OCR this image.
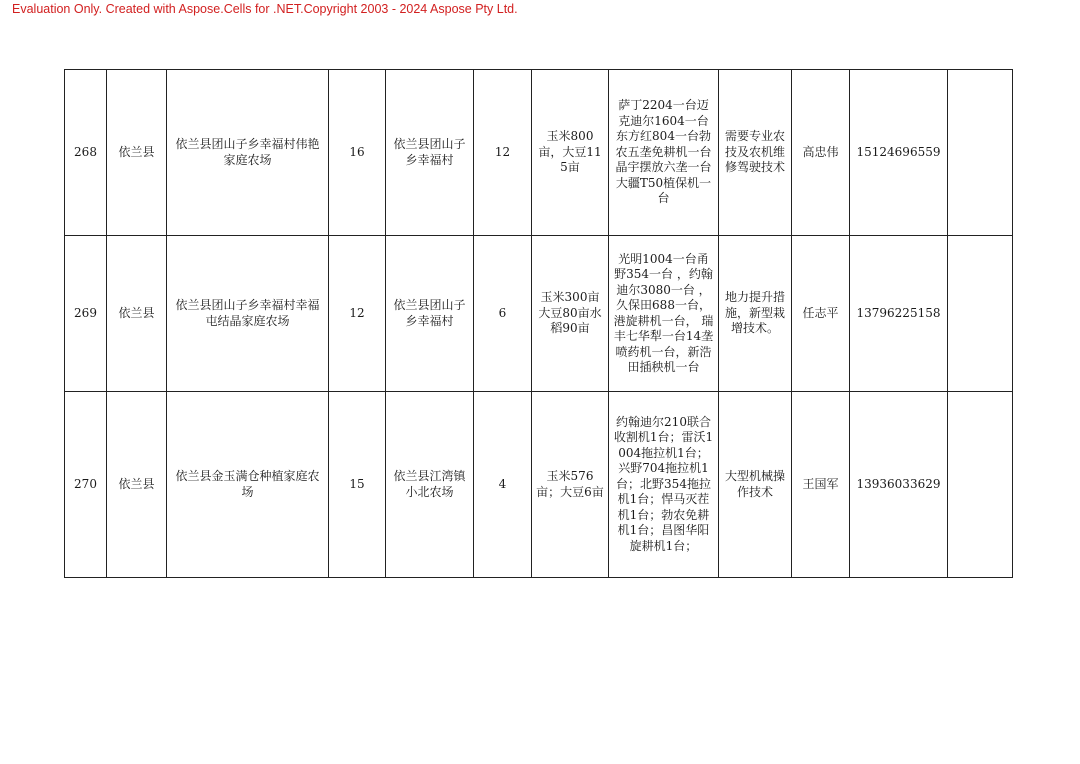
Evaluation Only. Created with Aspose.Cells for .NET.Copyright 2003 - 2024 Aspose Pty Ltd.
268	依兰县	依兰县团山子乡幸福村伟艳家庭农场	16	依兰县团山子乡幸福村	12	玉米800亩，大豆115亩	萨丁2204一台迈克迪尔1604一台东方红804一台勃农五垄免耕机一台晶宇摆放六垄一台大疆T50植保机一台	需要专业农技及农机维修驾驶技术	高忠伟	15124696559	
269	依兰县	依兰县团山子乡幸福村幸福屯结晶家庭农场	12	依兰县团山子乡幸福村	6	玉米300亩大豆80亩水稻90亩	光明1004一台甬野354一台 ，约翰迪尔3080一台 ，久保田688一台，港旋耕机一台， 瑞丰七华犁一台14垄喷药机一台，新浩田插秧机一台	地力提升措施，新型栽增技术。	任志平	13796225158	
270	依兰县	依兰县金玉满仓种植家庭农场	15	依兰县江湾镇小北农场	4	玉米576亩；大豆6亩	约翰迪尔210联合收割机1台；雷沃1004拖拉机1台；兴野704拖拉机1台；北野354拖拉机1台；悍马灭茬机1台；勃农免耕机1台；昌图华阳旋耕机1台；	大型机械操作技术	王国军	13936033629	
